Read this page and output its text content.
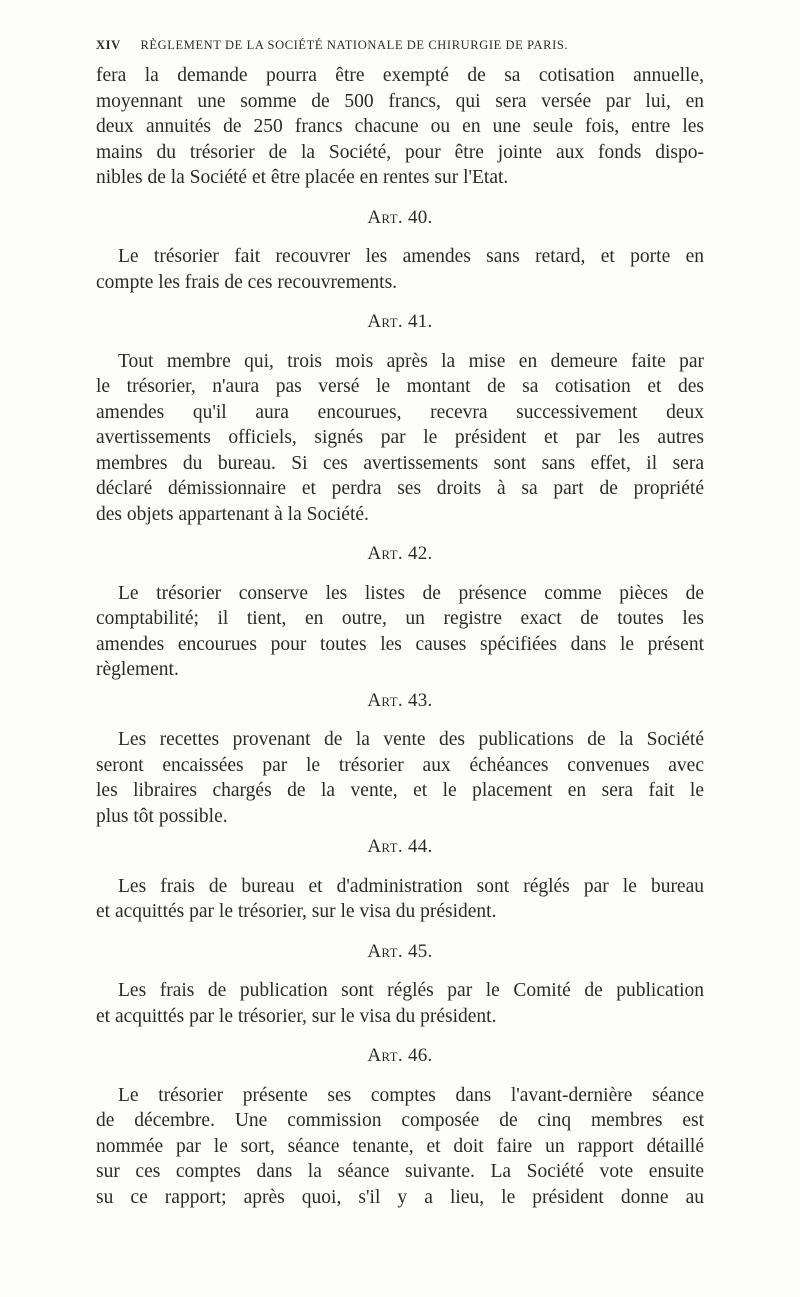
XIV RÈGLEMENT DE LA SOCIÉTÉ NATIONALE DE CHIRURGIE DE PARIS.
fera la demande pourra être exempté de sa cotisation annuelle,
moyennant une somme de 500 francs, qui sera versée par lui, en
deux annuités de 250 francs chacune ou en une seule fois, entre les
mains du trésorier de la Société, pour être jointe aux fonds dispo-
nibles de la Société et être placée en rentes sur l'Etat.
Art. 40.
Le trésorier fait recouvrer les amendes sans retard, et porte en
compte les frais de ces recouvrements.
Art. 41.
Tout membre qui, trois mois après la mise en demeure faite par
le trésorier, n'aura pas versé le montant de sa cotisation et des
amendes qu'il aura encourues, recevra successivement deux
avertissements officiels, signés par le président et par les autres
membres du bureau. Si ces avertissements sont sans effet, il sera
déclaré démissionnaire et perdra ses droits à sa part de propriété
des objets appartenant à la Société.
Art. 42.
Le trésorier conserve les listes de présence comme pièces de
comptabilité; il tient, en outre, un registre exact de toutes les
amendes encourues pour toutes les causes spécifiées dans le présent
règlement.
Art. 43.
Les recettes provenant de la vente des publications de la Société
seront encaissées par le trésorier aux échéances convenues avec
les libraires chargés de la vente, et le placement en sera fait le
plus tôt possible.
Art. 44.
Les frais de bureau et d'administration sont réglés par le bureau
et acquittés par le trésorier, sur le visa du président.
Art. 45.
Les frais de publication sont réglés par le Comité de publication
et acquittés par le trésorier, sur le visa du président.
Art. 46.
Le trésorier présente ses comptes dans l'avant-dernière séance
de décembre. Une commission composée de cinq membres est
nommée par le sort, séance tenante, et doit faire un rapport détaillé
sur ces comptes dans la séance suivante. La Société vote ensuite
su ce rapport; après quoi, s'il y a lieu, le président donne au
